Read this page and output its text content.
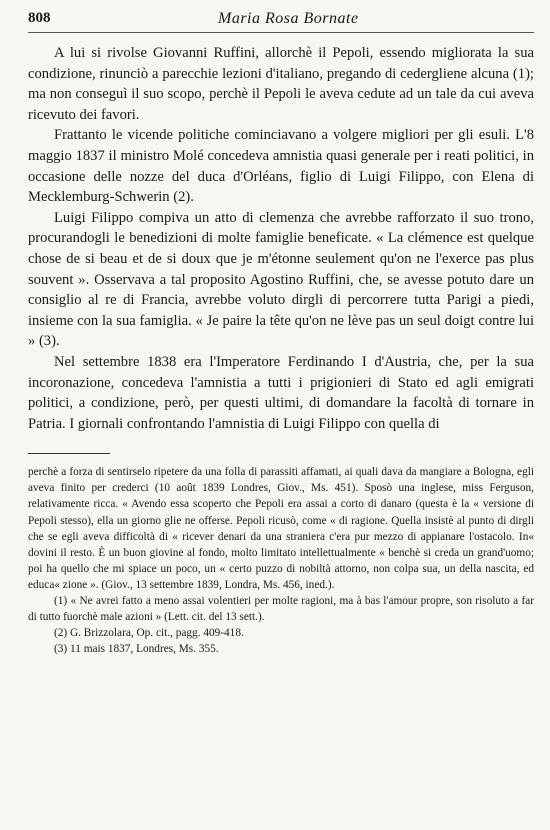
808	Maria Rosa Bornate

A lui si rivolse Giovanni Ruffini, allorchè il Pepoli, essendo migliorata la sua condizione, rinunciò a parecchie lezioni d'italiano, pregando di cedergliene alcuna (1); ma non conseguì il suo scopo, perchè il Pepoli le aveva cedute ad un tale da cui aveva ricevuto dei favori.

Frattanto le vicende politiche cominciavano a volgere migliori per gli esuli. L'8 maggio 1837 il ministro Molé concedeva amnistia quasi generale per i reati politici, in occasione delle nozze del duca d'Orléans, figlio di Luigi Filippo, con Elena di Mecklemburg-Schwerin (2).

Luigi Filippo compiva un atto di clemenza che avrebbe rafforzato il suo trono, procurandogli le benedizioni di molte famiglie beneficate. « La clémence est quelque chose de si beau et de si doux que je m'étonne seulement qu'on ne l'exerce pas plus souvent ». Osservava a tal proposito Agostino Ruffini, che, se avesse potuto dare un consiglio al re di Francia, avrebbe voluto dirgli di percorrere tutta Parigi a piedi, insieme con la sua famiglia. « Je paire la tête qu'on ne lève pas un seul doigt contre lui » (3).

Nel settembre 1838 era l'Imperatore Ferdinando I d'Austria, che, per la sua incoronazione, concedeva l'amnistia a tutti i prigionieri di Stato ed agli emigrati politici, a condizione, però, per questi ultimi, di domandare la facoltà di tornare in Patria. I giornali confrontando l'amnistia di Luigi Filippo con quella di

perchè a forza di sentirselo ripetere da una folla di parassiti affamati, ai quali dava da mangiare a Bologna, egli aveva finito per crederci (10 août 1839 Londres, Giov., Ms. 451). Sposò una inglese, miss Ferguson, relativamente ricca. « Avendo essa scoperto che Pepoli era assai a corto di danaro (questa è la « versione di Pepoli stesso), ella un giorno glie ne offerse. Pepoli ricusò, come « di ragione. Quella insistè al punto di dirgli che se egli aveva difficoltà di « ricever denari da una straniera c'era pur mezzo di appianare l'ostacolo. In« dovini il resto. È un buon giovine al fondo, molto limitato intellettualmente « benchè si creda un grand'uomo; poi ha quello che mi spiace un poco, un « certo puzzo di nobiltà attorno, non colpa sua, un della nascita, ed educa« zione ». (Giov., 13 settembre 1839, Londra, Ms. 456, ined.).

(1) « Ne avrei fatto a meno assai volentieri per molte ragioni, ma à bas l'amour propre, son risoluto a far di tutto fuorchè male azioni » (Lett. cit. del 13 sett.).

(2) G. Brizzolara, Op. cit., pagg. 409-418.

(3) 11 mais 1837, Londres, Ms. 355.
